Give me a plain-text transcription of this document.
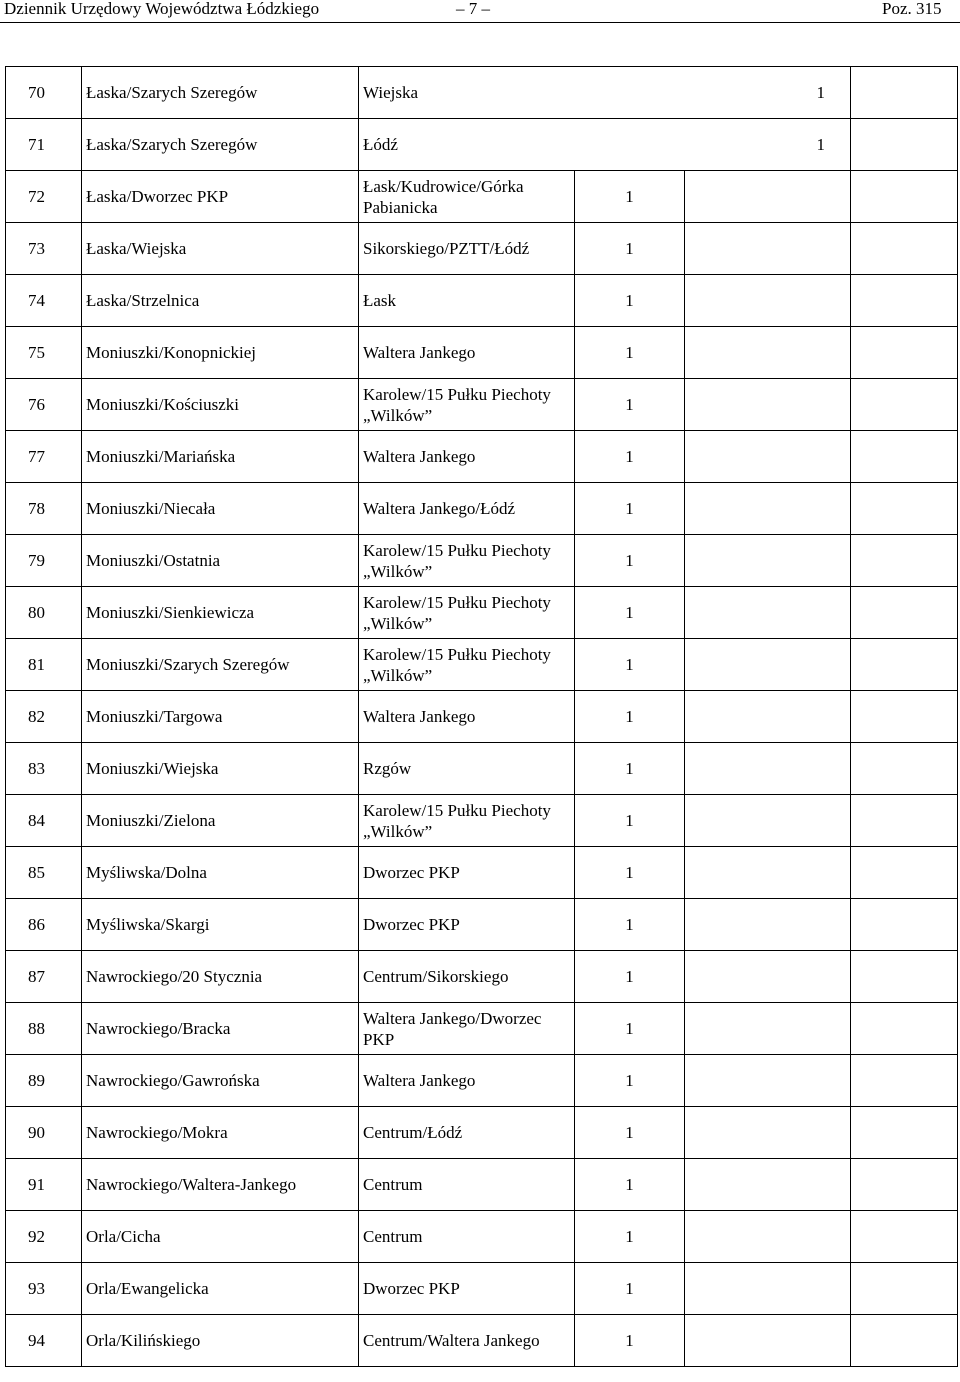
Dziennik Urzędowy Województwa Łódzkiego	– 7 –	Poz. 315
70	Łaska/Szarych Szeregów	Wiejska			1	
71	Łaska/Szarych Szeregów	Łódź			1	
72	Łaska/Dworzec PKP	Łask/Kudrowice/Górka Pabianicka	1			
73	Łaska/Wiejska	Sikorskiego/PZTT/Łódź	1			
74	Łaska/Strzelnica	Łask	1			
75	Moniuszki/Konopnickiej	Waltera Jankego	1			
76	Moniuszki/Kościuszki	Karolew/15 Pułku Piechoty „Wilków”	1			
77	Moniuszki/Mariańska	Waltera Jankego	1			
78	Moniuszki/Niecała	Waltera Jankego/Łódź	1			
79	Moniuszki/Ostatnia	Karolew/15 Pułku Piechoty „Wilków”	1			
80	Moniuszki/Sienkiewicza	Karolew/15 Pułku Piechoty „Wilków”	1			
81	Moniuszki/Szarych Szeregów	Karolew/15 Pułku Piechoty „Wilków”	1			
82	Moniuszki/Targowa	Waltera Jankego	1			
83	Moniuszki/Wiejska	Rzgów	1			
84	Moniuszki/Zielona	Karolew/15 Pułku Piechoty „Wilków”	1			
85	Myśliwska/Dolna	Dworzec PKP	1			
86	Myśliwska/Skargi	Dworzec PKP	1			
87	Nawrockiego/20 Stycznia	Centrum/Sikorskiego	1			
88	Nawrockiego/Bracka	Waltera Jankego/Dworzec PKP	1			
89	Nawrockiego/Gawrońska	Waltera Jankego	1			
90	Nawrockiego/Mokra	Centrum/Łódź	1			
91	Nawrockiego/Waltera-Jankego	Centrum	1			
92	Orla/Cicha	Centrum	1			
93	Orla/Ewangelicka	Dworzec PKP	1			
94	Orla/Kilińskiego	Centrum/Waltera Jankego	1			
